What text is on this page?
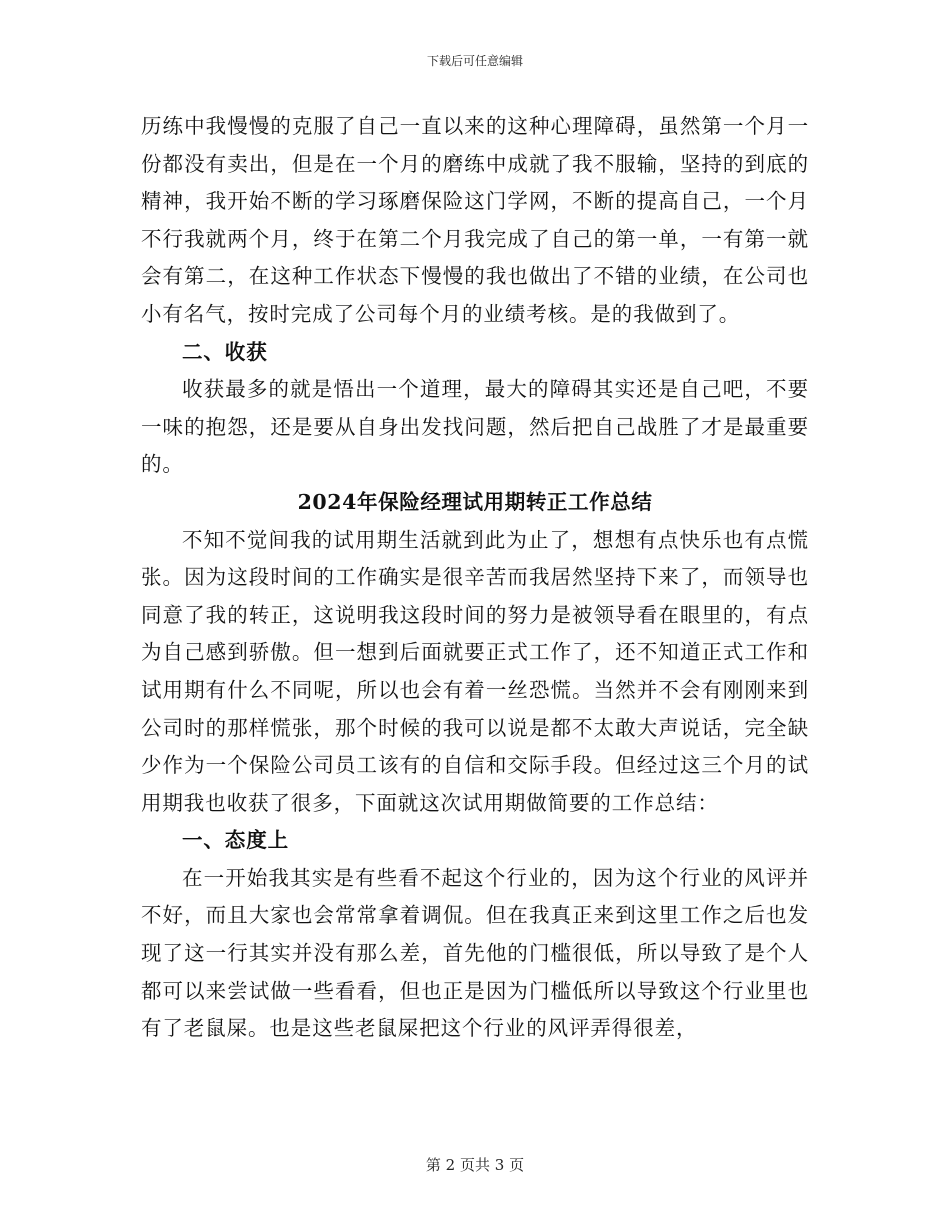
下载后可任意编辑

历练中我慢慢的克服了自己一直以来的这种心理障碍，虽然第一个月一份都没有卖出，但是在一个月的磨练中成就了我不服输，坚持的到底的精神，我开始不断的学习琢磨保险这门学网，不断的提高自己，一个月不行我就两个月，终于在第二个月我完成了自己的第一单，一有第一就会有第二，在这种工作状态下慢慢的我也做出了不错的业绩，在公司也小有名气，按时完成了公司每个月的业绩考核。是的我做到了。

二、收获

收获最多的就是悟出一个道理，最大的障碍其实还是自己吧，不要一味的抱怨，还是要从自身出发找问题，然后把自己战胜了才是最重要的。

2024年保险经理试用期转正工作总结

不知不觉间我的试用期生活就到此为止了，想想有点快乐也有点慌张。因为这段时间的工作确实是很辛苦而我居然坚持下来了，而领导也同意了我的转正，这说明我这段时间的努力是被领导看在眼里的，有点为自己感到骄傲。但一想到后面就要正式工作了，还不知道正式工作和试用期有什么不同呢，所以也会有着一丝恐慌。当然并不会有刚刚来到公司时的那样慌张，那个时候的我可以说是都不太敢大声说话，完全缺少作为一个保险公司员工该有的自信和交际手段。但经过这三个月的试用期我也收获了很多，下面就这次试用期做简要的工作总结：

一、态度上

在一开始我其实是有些看不起这个行业的，因为这个行业的风评并不好，而且大家也会常常拿着调侃。但在我真正来到这里工作之后也发现了这一行其实并没有那么差，首先他的门槛很低，所以导致了是个人都可以来尝试做一些看看，但也正是因为门槛低所以导致这个行业里也有了老鼠屎。也是这些老鼠屎把这个行业的风评弄得很差，

第 2 页共 3 页
